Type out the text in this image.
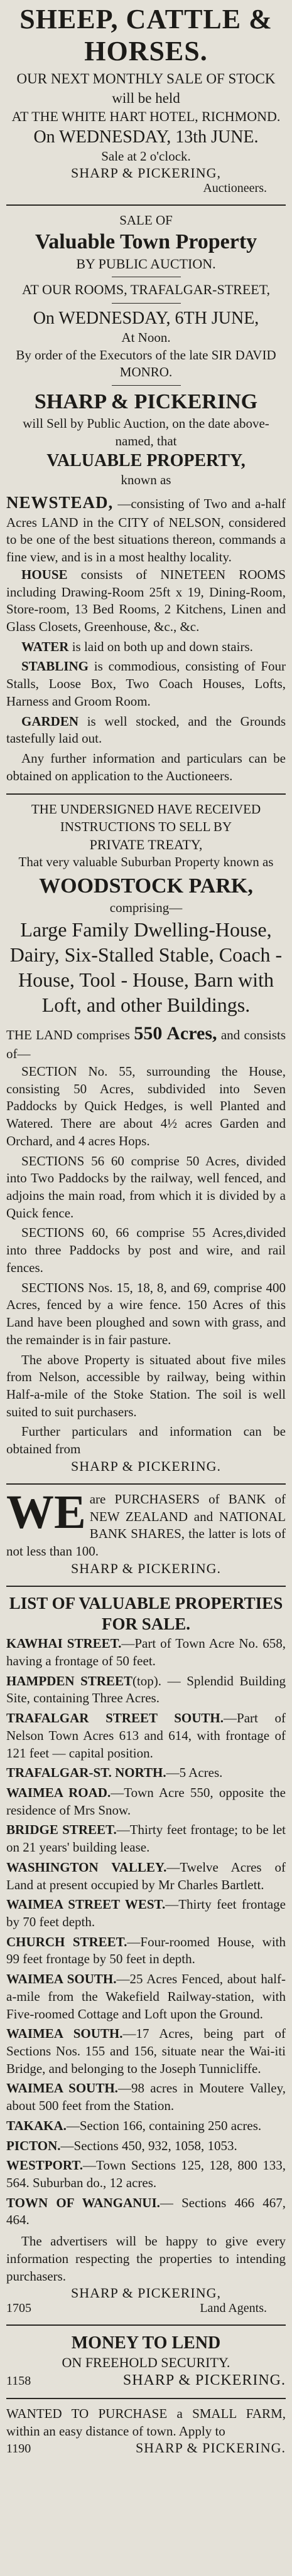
SHEEP, CATTLE & HORSES.
OUR NEXT MONTHLY SALE OF STOCK will be held
AT THE WHITE HART HOTEL, RICHMOND.
On WEDNESDAY, 13th JUNE.
Sale at 2 o'clock.
SHARP & PICKERING,
Auctioneers.
SALE OF
Valuable Town Property
BY PUBLIC AUCTION.
AT OUR ROOMS, TRAFALGAR-STREET,
On WEDNESDAY, 6TH JUNE,
At Noon.
By order of the Executors of the late SIR DAVID MONRO.
SHARP & PICKERING
will Sell by Public Auction, on the date above-named, that
VALUABLE PROPERTY,
known as
NEWSTEAD, —consisting of Two and a-half Acres LAND in the CITY of NELSON, considered to be one of the best situations thereon, commands a fine view, and is in a most healthy locality.
HOUSE consists of NINETEEN ROOMS including Drawing-Room 25ft x 19, Dining-Room, Store-room, 13 Bed Rooms, 2 Kitchens, Linen and Glass Closets, Greenhouse, &c., &c.
WATER is laid on both up and down stairs.
STABLING is commodious, consisting of Four Stalls, Loose Box, Two Coach Houses, Lofts, Harness and Groom Room.
GARDEN is well stocked, and the Grounds tastefully laid out.
Any further information and particulars can be obtained on application to the Auctioneers.
THE UNDERSIGNED HAVE RECEIVED INSTRUCTIONS TO SELL BY
PRIVATE TREATY,
That very valuable Suburban Property known as
WOODSTOCK PARK,
comprising—
Large Family Dwelling-House, Dairy, Six-Stalled Stable, Coach - House, Tool - House, Barn with Loft, and other Buildings.
THE LAND comprises 550 Acres, and consists of—
SECTION No. 55, surrounding the House, consisting 50 Acres, subdivided into Seven Paddocks by Quick Hedges, is well Planted and Watered. There are about 4½ acres Garden and Orchard, and 4 acres Hops.
SECTIONS 56 60 comprise 50 Acres, divided into Two Paddocks by the railway, well fenced, and adjoins the main road, from which it is divided by a Quick fence.
SECTIONS 60, 66 comprise 55 Acres,divided into three Paddocks by post and wire, and rail fences.
SECTIONS Nos. 15, 18, 8, and 69, comprise 400 Acres, fenced by a wire fence. 150 Acres of this Land have been ploughed and sown with grass, and the remainder is in fair pasture.
The above Property is situated about five miles from Nelson, accessible by railway, being within Half-a-mile of the Stoke Station. The soil is well suited to suit purchasers.
Further particulars and information can be obtained from
SHARP & PICKERING.
WE are PURCHASERS of BANK of NEW ZEALAND and NATIONAL BANK SHARES, the latter is lots of not less than 100.
SHARP & PICKERING.
LIST OF VALUABLE PROPERTIES FOR SALE.
KAWHAI STREET.—Part of Town Acre No. 658, having a frontage of 50 feet.
HAMPDEN STREET(top). — Splendid Building Site, containing Three Acres.
TRAFALGAR STREET SOUTH.—Part of Nelson Town Acres 613 and 614, with frontage of 121 feet — capital position.
TRAFALGAR-ST. NORTH.—5 Acres.
WAIMEA ROAD.—Town Acre 550, opposite the residence of Mrs Snow.
BRIDGE STREET.—Thirty feet frontage; to be let on 21 years' building lease.
WASHINGTON VALLEY.—Twelve Acres of Land at present occupied by Mr Charles Bartlett.
WAIMEA STREET WEST.—Thirty feet frontage by 70 feet depth.
CHURCH STREET.—Four-roomed House, with 99 feet frontage by 50 feet in depth.
WAIMEA SOUTH.—25 Acres Fenced, about half-a-mile from the Wakefield Railway-station, with Five-roomed Cottage and Loft upon the Ground.
WAIMEA SOUTH.—17 Acres, being part of Sections Nos. 155 and 156, situate near the Wai-iti Bridge, and belonging to the Joseph Tunnicliffe.
WAIMEA SOUTH.—98 acres in Moutere Valley, about 500 feet from the Station.
TAKAKA.—Section 166, containing 250 acres.
PICTON.—Sections 450, 932, 1058, 1053.
WESTPORT.—Town Sections 125, 128, 800 133, 564. Suburban do., 12 acres.
TOWN OF WANGANUI.— Sections 466 467, 464.
The advertisers will be happy to give every information respecting the properties to intending purchasers.
SHARP & PICKERING,
1705	Land Agents.
MONEY TO LEND
ON FREEHOLD SECURITY.
1158	SHARP & PICKERING.
WANTED TO PURCHASE a SMALL FARM, within an easy distance of town. Apply to
1190	SHARP & PICKERING.
